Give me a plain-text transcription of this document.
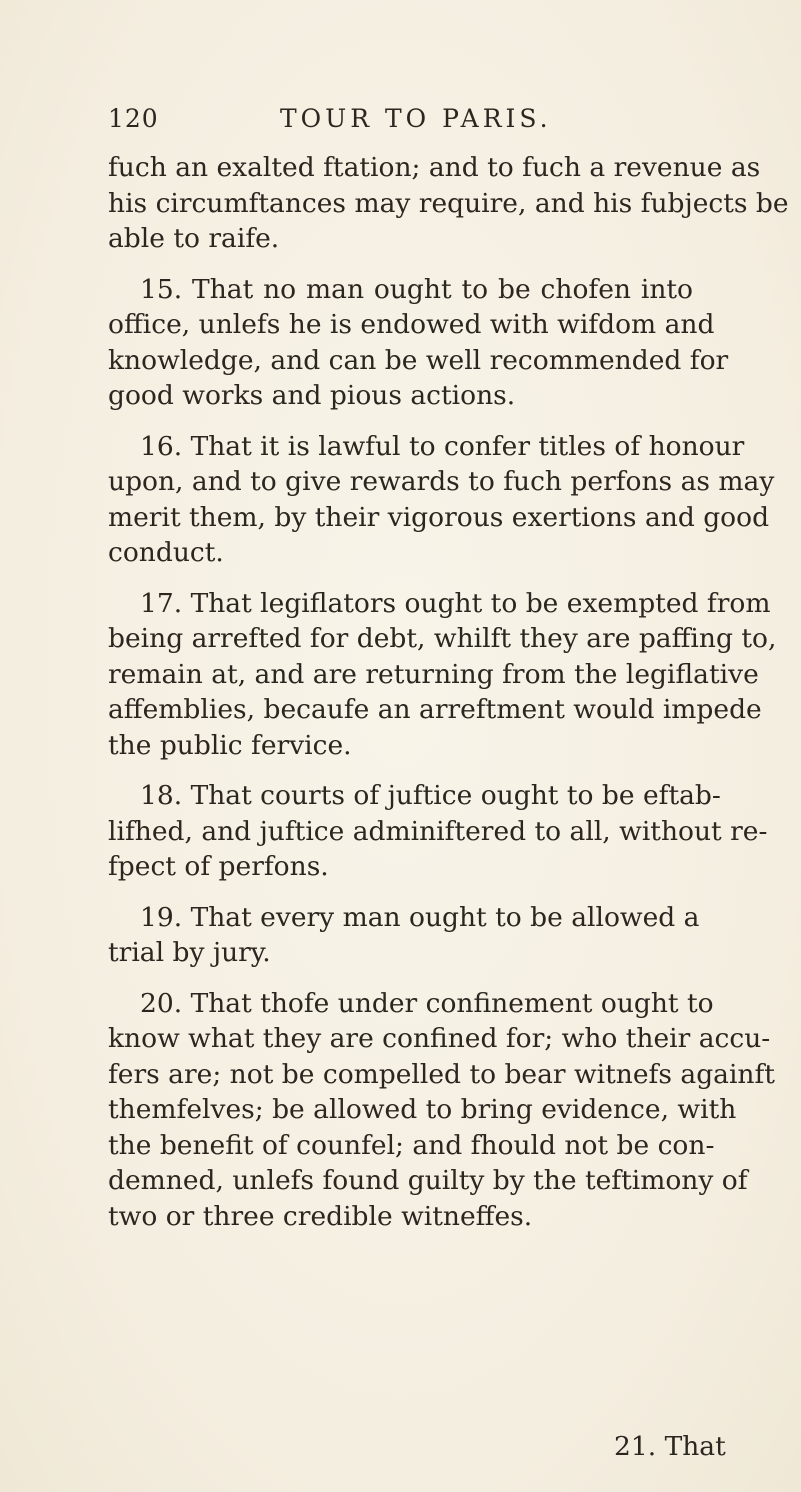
120	TOUR TO PARIS.

fuch an exalted ftation; and to fuch a revenue as
his circumftances may require, and his fubjects be
able to raife.

15. That no man ought to be chofen into
office, unlefs he is endowed with wifdom and
knowledge, and can be well recommended for
good works and pious actions.

16. That it is lawful to confer titles of honour
upon, and to give rewards to fuch perfons as may
merit them, by their vigorous exertions and good
conduct.

17. That legiflators ought to be exempted from
being arrefted for debt, whilft they are paffing to,
remain at, and are returning from the legiflative
affemblies, becaufe an arreftment would impede
the public fervice.

18. That courts of juftice ought to be eftab-
lifhed, and juftice adminiftered to all, without re-
fpect of perfons.

19. That every man ought to be allowed a
trial by jury.

20. That thofe under confinement ought to
know what they are confined for; who their accu-
fers are; not be compelled to bear witnefs againft
themfelves; be allowed to bring evidence, with
the benefit of counfel; and fhould not be con-
demned, unlefs found guilty by the teftimony of
two or three credible witneffes.

21. That
